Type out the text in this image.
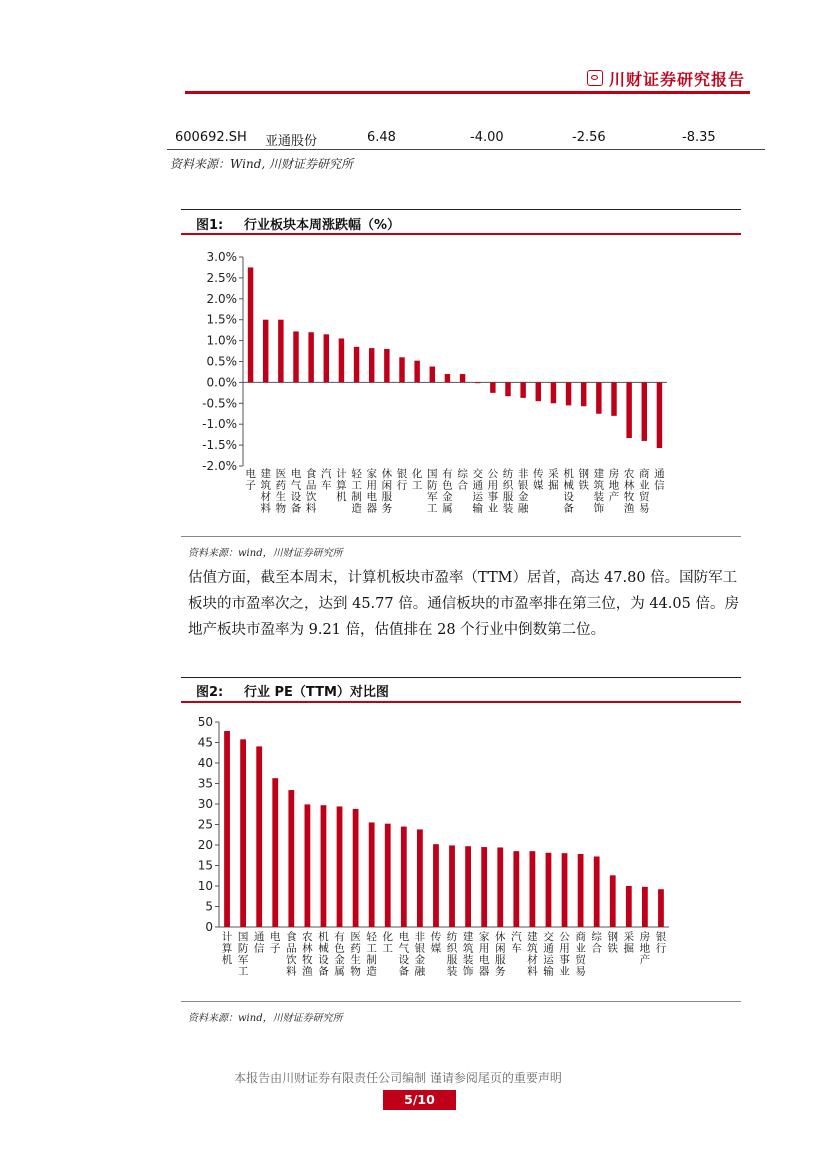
川财证券研究报告
600692.SH 亚通股份	6.48	-4.00	-2.56	-8.35
资料来源：Wind, 川财证券研究所
图1: 行业板块本周涨跌幅（%）
3.0%
2.5%
2.0%
1.5%
1.0%
0.5%
0.0%
-0.5%
-1.0%
-1.5%
-2.0%
电
子
建
筑
材
料
医
药
生
物
电
气
设
备
食
品
饮
料
汽
车
计
算
机
轻
工
制
造
家
用
电
器
休
闲
服
务
银
行
化
工
国
防
军
工
有
色
金
属
综
合
交
通
运
输
公
用
事
业
纺
织
服
装
非
银
金
融
传
媒
采
掘
机
械
设
备
钢
铁
建
筑
装
饰
房
地
产
农
林
牧
渔
商
业
贸
易
通
信
资料来源：wind，川财证券研究所
估值方面，截至本周末，计算机板块市盈率（TTM）居首，高达 47.80 倍。国防军工板块的市盈率次之，达到 45.77 倍。通信板块的市盈率排在第三位，为 44.05 倍。房地产板块市盈率为 9.21 倍，估值排在 28 个行业中倒数第二位。
图2: 行业 PE（TTM）对比图
50
45
40
35
30
25
20
15
10
5
0
计
算
机
国
防
军
工
通
信
电
子
食
品
饮
料
农
林
牧
渔
机
械
设
备
有
色
金
属
医
药
生
物
轻
工
制
造
化
工
电
气
设
备
非
银
金
融
传
媒
纺
织
服
装
建
筑
装
饰
家
用
电
器
休
闲
服
务
汽
车
建
筑
材
料
交
通
运
输
公
用
事
业
商
业
贸
易
综
合
钢
铁
采
掘
房
地
产
银
行
资料来源：wind，川财证券研究所
本报告由川财证券有限责任公司编制 谨请参阅尾页的重要声明
5/10
